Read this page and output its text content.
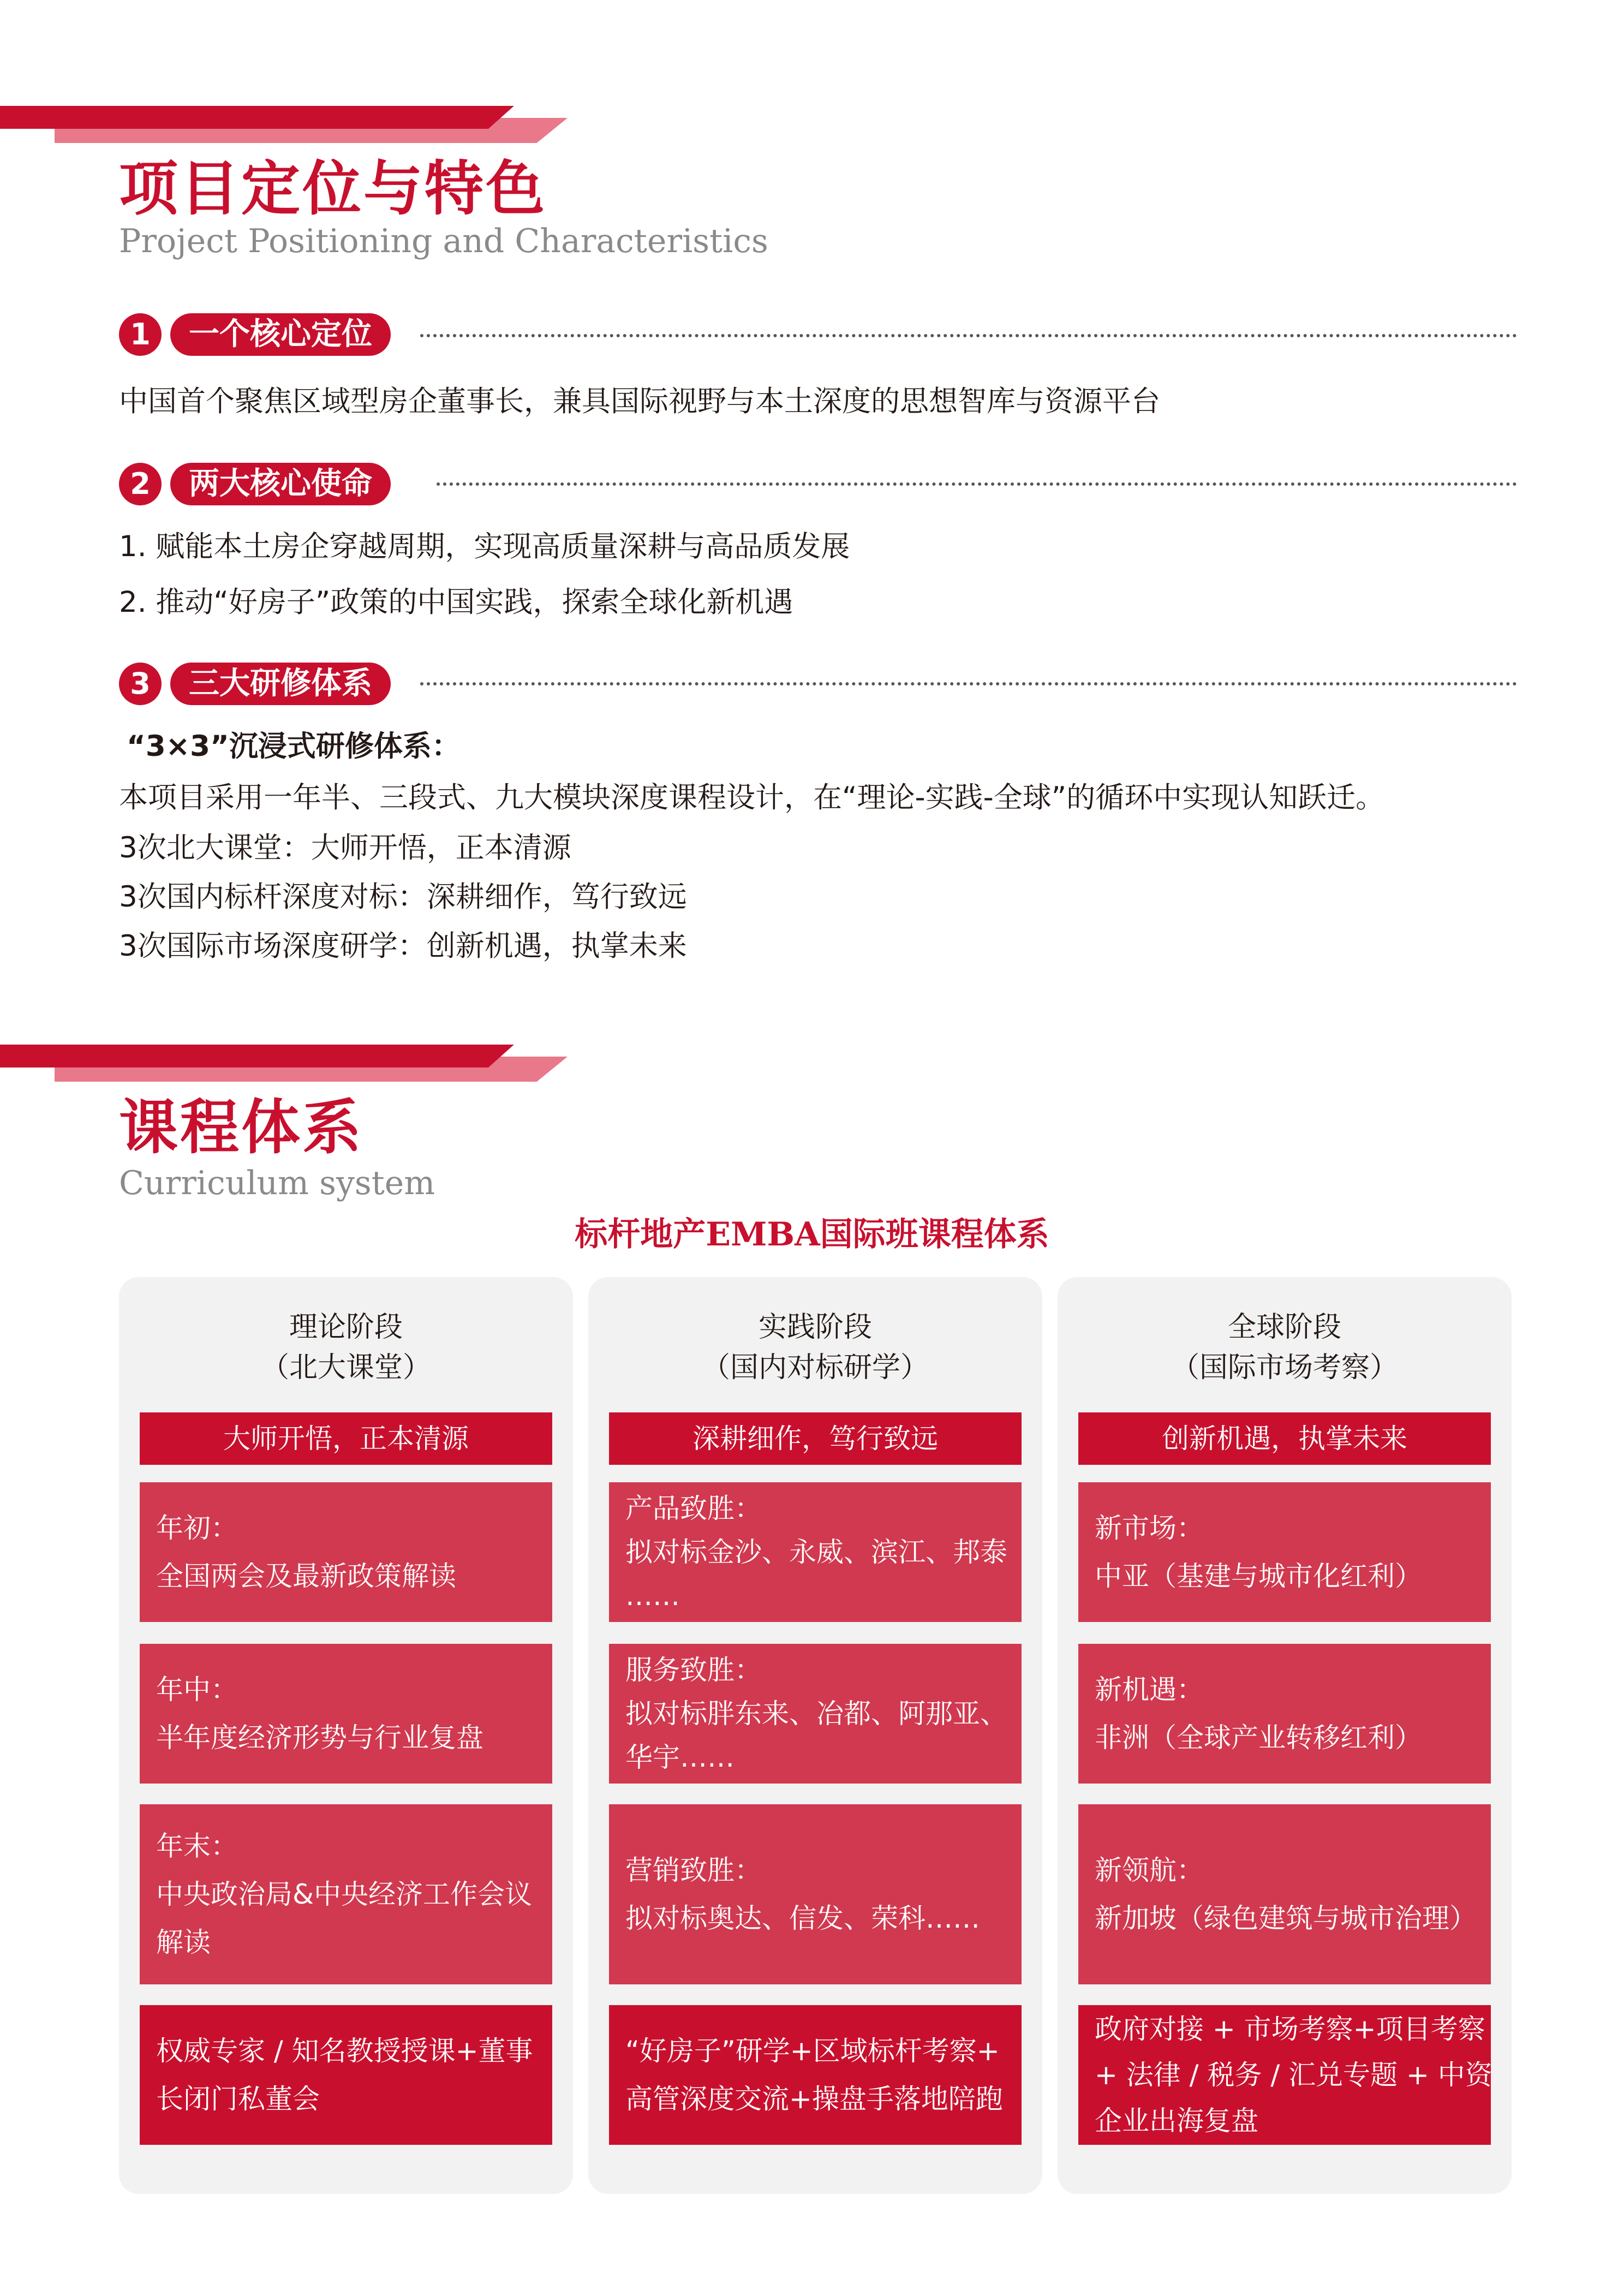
项目定位与特色
Project Positioning and Characteristics
1	一个核心定位
中国首个聚焦区域型房企董事长，兼具国际视野与本土深度的思想智库与资源平台
2	两大核心使命
1. 赋能本土房企穿越周期，实现高质量深耕与高品质发展
2. 推动“好房子”政策的中国实践，探索全球化新机遇
3	三大研修体系
“3×3”沉浸式研修体系：
本项目采用一年半、三段式、九大模块深度课程设计，在“理论-实践-全球”的循环中实现认知跃迁。
3次北大课堂：大师开悟，正本清源
3次国内标杆深度对标：深耕细作，笃行致远
3次国际市场深度研学：创新机遇，执掌未来
课程体系
Curriculum system
标杆地产EMBA国际班课程体系
理论阶段
（北大课堂）
大师开悟，正本清源
年初：
全国两会及最新政策解读
年中：
半年度经济形势与行业复盘
年末：
中央政治局&中央经济工作会议
解读
权威专家 / 知名教授授课+董事
长闭门私董会
实践阶段
（国内对标研学）
深耕细作，笃行致远
产品致胜：
拟对标金沙、永威、滨江、邦泰
……
服务致胜：
拟对标胖东来、冶都、阿那亚、
华宇……
营销致胜：
拟对标奥达、信发、荣科……
“好房子”研学+区域标杆考察+
高管深度交流+操盘手落地陪跑
全球阶段
（国际市场考察）
创新机遇，执掌未来
新市场：
中亚（基建与城市化红利）
新机遇：
非洲（全球产业转移红利）
新领航：
新加坡（绿色建筑与城市治理）
政府对接 + 市场考察+项目考察
+ 法律 / 税务 / 汇兑专题 + 中资
企业出海复盘
